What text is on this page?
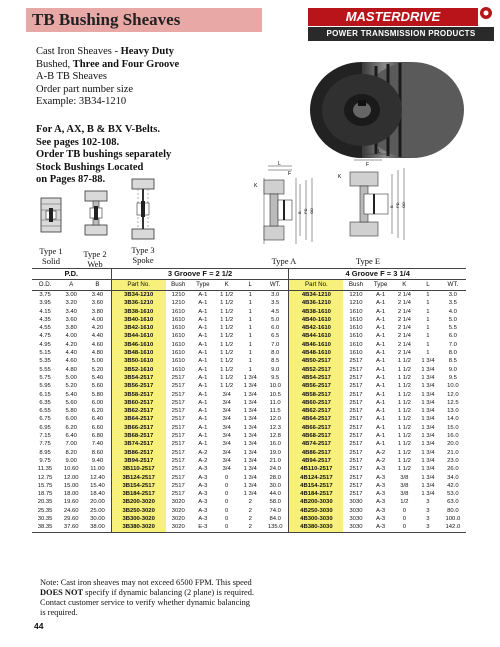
TB Bushing Sheaves	MASTERDRIVE
POWER TRANSMISSION PRODUCTS
Cast Iron Sheaves - Heavy Duty
Bushed, Three and Four Groove
A-B TB Sheaves
Order part number size
Example: 3B34-1210
For A, AX, B & BX V-Belts.
See pages 102-108.
Order TB bushings separately
Stock Bushings Located
on Pages 87-88.
Type 1
Solid
Type 2
Web
Type 3
Spoke
K
L
F
B PD OD
Type A
K
L
F
B PD OD
Type E
P.D.			3 Groove F = 2 1/2						4 Groove F = 3 1/4					
O.D.	A	B	Part No.	Bush	Type	K	L	WT.	Part No.	Bush	Type	K	L	WT.
3.75	3.00	3.40	3B34-1210	1210	A-1	1 1/2	1	3.0	4B34-1210	1210	A-1	2 1/4	1	3.0
3.95	3.20	3.60	3B36-1210	1210	A-1	1 1/2	1	3.5	4B36-1210	1210	A-1	2 1/4	1	3.5
4.15	3.40	3.80	3B38-1610	1610	A-1	1 1/2	1	4.5	4B38-1610	1610	A-1	2 1/4	1	4.0
4.35	3.60	4.00	3B40-1610	1610	A-1	1 1/2	1	5.0	4B40-1610	1610	A-1	2 1/4	1	5.0
4.55	3.80	4.20	3B42-1610	1610	A-1	1 1/2	1	6.0	4B42-1610	1610	A-1	2 1/4	1	5.5
4.75	4.00	4.40	3B44-1610	1610	A-1	1 1/2	1	6.5	4B44-1610	1610	A-1	2 1/4	1	6.0
4.95	4.20	4.60	3B46-1610	1610	A-1	1 1/2	1	7.0	4B46-1610	1610	A-1	2 1/4	1	7.0
5.15	4.40	4.80	3B48-1610	1610	A-1	1 1/2	1	8.0	4B48-1610	1610	A-1	2 1/4	1	8.0
5.35	4.60	5.00	3B50-1610	1610	A-1	1 1/2	1	8.5	4B50-2517	2517	A-1	1 1/2	1 3/4	8.5
5.55	4.80	5.20	3B52-1610	1610	A-1	1 1/2	1	9.0	4B52-2517	2517	A-1	1 1/2	1 3/4	9.0
5.75	5.00	5.40	3B54-2517	2517	A-1	1 1/2	1 3/4	9.5	4B54-2517	2517	A-1	1 1/2	1 3/4	9.5
5.95	5.20	5.60	3B56-2517	2517	A-1	1 1/2	1 3/4	10.0	4B56-2517	2517	A-1	1 1/2	1 3/4	10.0
6.15	5.40	5.80	3B58-2517	2517	A-1	3/4	1 3/4	10.5	4B58-2517	2517	A-1	1 1/2	1 3/4	12.0
6.35	5.60	6.00	3B60-2517	2517	A-1	3/4	1 3/4	11.0	4B60-2517	2517	A-1	1 1/2	1 3/4	12.5
6.55	5.80	6.20	3B62-2517	2517	A-1	3/4	1 3/4	11.5	4B62-2517	2517	A-1	1 1/2	1 3/4	13.0
6.75	6.00	6.40	3B64-2517	2517	A-1	3/4	1 3/4	12.0	4B64-2517	2517	A-1	1 1/2	1 3/4	14.0
6.95	6.20	6.60	3B66-2517	2517	A-1	3/4	1 3/4	12.3	4B66-2517	2517	A-1	1 1/2	1 3/4	15.0
7.15	6.40	6.80	3B68-2517	2517	A-1	3/4	1 3/4	12.8	4B68-2517	2517	A-1	1 1/2	1 3/4	16.0
7.75	7.00	7.40	3B74-2517	2517	A-1	3/4	1 3/4	16.0	4B74-2517	2517	A-1	1 1/2	1 3/4	20.0
8.95	8.20	8.60	3B86-2517	2517	A-2	3/4	1 3/4	19.0	4B86-2517	2517	A-2	1 1/2	1 3/4	21.0
9.75	9.00	9.40	3B94-2517	2517	A-2	3/4	1 3/4	21.0	4B94-2517	2517	A-2	1 1/2	1 3/4	23.0
11.35	10.60	11.00	3B110-2517	2517	A-3	3/4	1 3/4	24.0	4B110-2517	2517	A-3	1 1/2	1 3/4	26.0
12.75	12.00	12.40	3B124-2517	2517	A-3	0	1 3/4	28.0	4B124-2517	2517	A-3	3/8	1 3/4	34.0
15.75	15.00	15.40	3B154-2517	2517	A-3	0	1 3/4	30.0	4B154-2517	2517	A-3	3/8	1 3/4	42.0
18.75	18.00	18.40	3B184-2517	2517	A-3	0	1 3/4	44.0	4B184-2517	2517	A-3	3/8	1 3/4	53.0
20.35	19.60	20.00	3B200-3020	3020	A-3	0	2	58.0	4B200-3030	3030	A-3	1/2	3	63.0
25.35	24.60	25.00	3B250-3020	3020	A-3	0	2	74.0	4B250-3030	3030	A-3	0	3	80.0
30.35	29.60	30.00	3B300-3020	3020	A-3	0	2	84.0	4B300-3030	3030	A-3	0	3	100.0
38.35	37.60	38.00	3B380-3020	3020	E-3	0	2	135.0	4B380-3030	3030	A-3	0	3	142.0
Note: Cast iron sheaves may not exceed 6500 FPM. This speed
DOES NOT specify if dynamic balancing (2 plane) is required.
Contact customer service to verify whether dynamic balancing
is required.
44
